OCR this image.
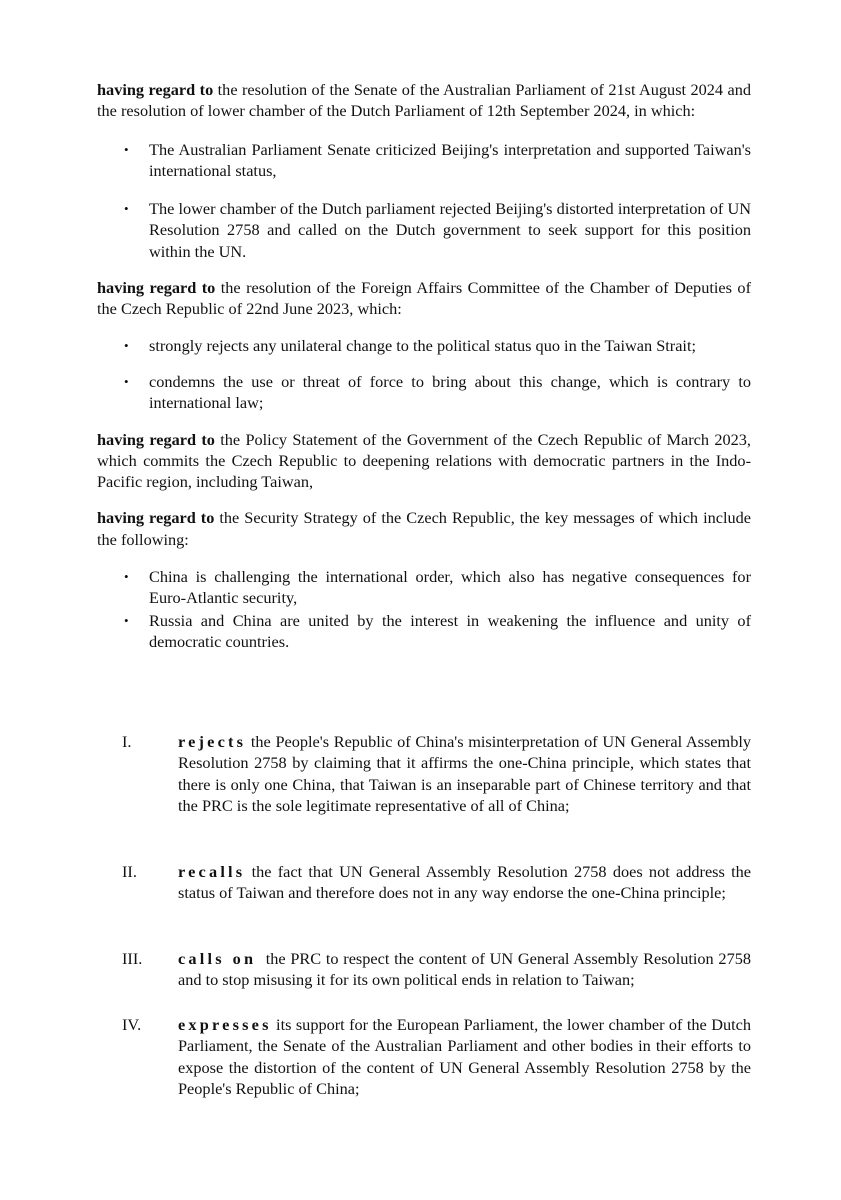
having regard to the resolution of the Senate of the Australian Parliament of 21st August 2024 and the resolution of lower chamber of the Dutch Parliament of 12th September 2024, in which:

• The Australian Parliament Senate criticized Beijing's interpretation and supported Taiwan's international status,
• The lower chamber of the Dutch parliament rejected Beijing's distorted interpretation of UN Resolution 2758 and called on the Dutch government to seek support for this position within the UN.

having regard to the resolution of the Foreign Affairs Committee of the Chamber of Deputies of the Czech Republic of 22nd June 2023, which:

• strongly rejects any unilateral change to the political status quo in the Taiwan Strait;
• condemns the use or threat of force to bring about this change, which is contrary to international law;

having regard to the Policy Statement of the Government of the Czech Republic of March 2023, which commits the Czech Republic to deepening relations with democratic partners in the Indo-Pacific region, including Taiwan,

having regard to the Security Strategy of the Czech Republic, the key messages of which include the following:

• China is challenging the international order, which also has negative consequences for Euro-Atlantic security,
• Russia and China are united by the interest in weakening the influence and unity of democratic countries.
I.	rejects the People's Republic of China's misinterpretation of UN General Assembly Resolution 2758 by claiming that it affirms the one-China principle, which states that there is only one China, that Taiwan is an inseparable part of Chinese territory and that the PRC is the sole legitimate representative of all of China;
II.	recalls the fact that UN General Assembly Resolution 2758 does not address the status of Taiwan and therefore does not in any way endorse the one-China principle;
III. calls on  the PRC to respect the content of UN General Assembly Resolution 2758 and to stop misusing it for its own political ends in relation to Taiwan;
IV. expresses its support for the European Parliament, the lower chamber of the Dutch Parliament, the Senate of the Australian Parliament and other bodies in their efforts to expose the distortion of the content of UN General Assembly Resolution 2758 by the People's Republic of China;
